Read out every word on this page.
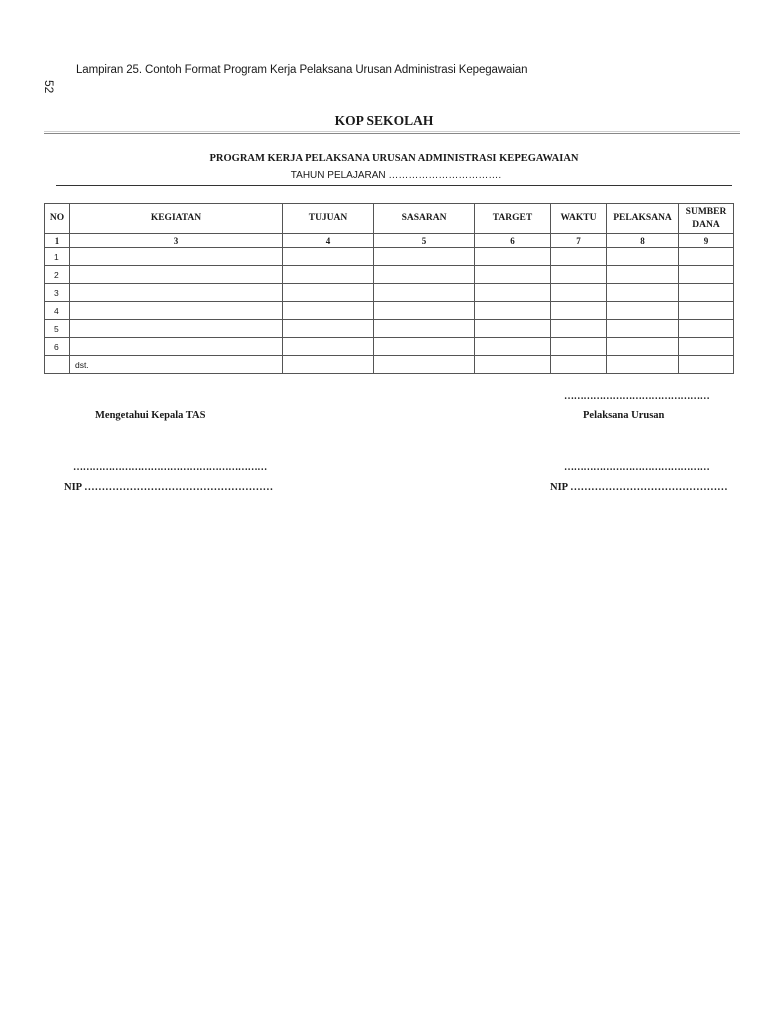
52
Lampiran 25. Contoh Format Program Kerja Pelaksana Urusan Administrasi Kepegawaian
KOP SEKOLAH
PROGRAM KERJA PELAKSANA URUSAN ADMINISTRASI KEPEGAWAIAN
TAHUN PELAJARAN …………………………….
NO	KEGIATAN	TUJUAN	SASARAN	TARGET	WAKTU	PELAKSANA	SUMBER
DANA
1	3	4	5	6	7	8	9
1							
2							
3							
4							
5							
6							
	dst.						
………………………………………
Mengetahui Kepala TAS	Pelaksana Urusan
……………………………………………………	………………………………………
NIP ………………………………………………	NIP ………………………………………
